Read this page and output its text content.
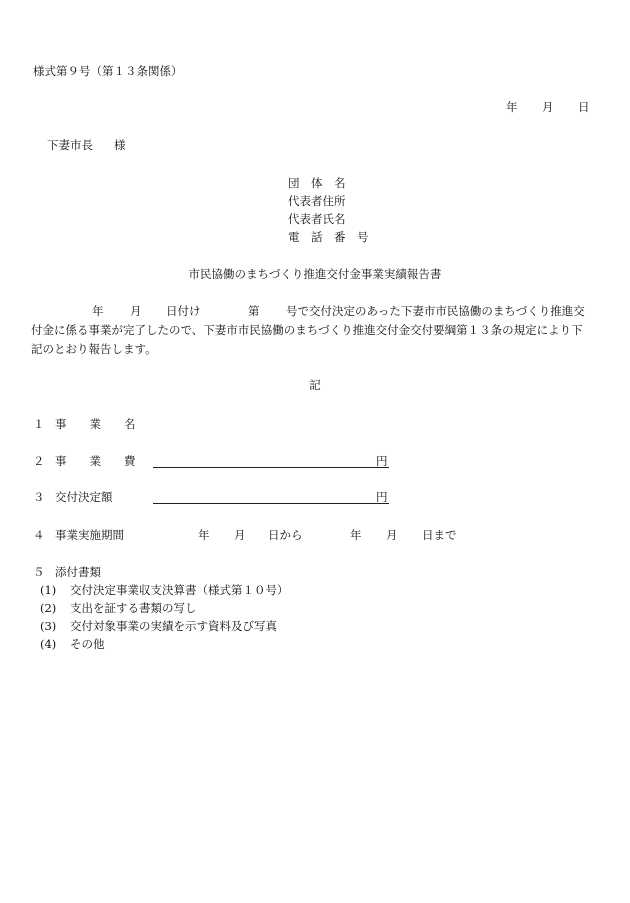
様式第９号（第１３条関係）
年 月 日
下妻市長 様
団　体　名
代表者住所
代表者氏名
電　話　番　号
市民協働のまちづくり推進交付金事業実績報告書
年 月 日付け	第 号で交付決定のあった下妻市市民協働のまちづくり推進交
付金に係る事業が完了したので、下妻市市民協働のまちづくり推進交付金交付要綱第１３条の規定により下
記のとおり報告します。
記
１ 事　　業　　名
２ 事　　業　　費	円
３ 交付決定額	円
４ 事業実施期間	年 月 日から	年 月 日まで
５ 添付書類
(1) 交付決定事業収支決算書（様式第１０号）
(2) 支出を証する書類の写し
(3) 交付対象事業の実績を示す資料及び写真
(4) その他
